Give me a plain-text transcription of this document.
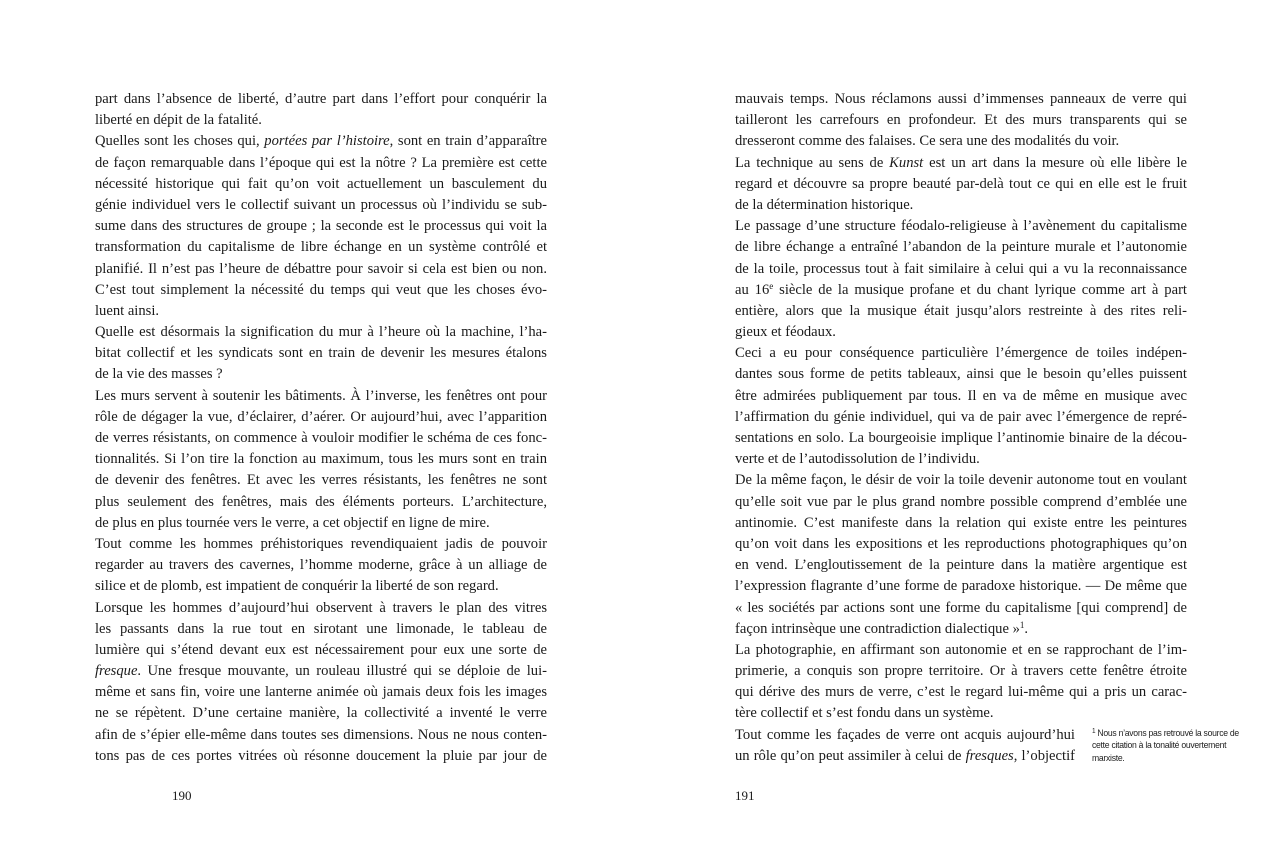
part dans l’absence de liberté, d’autre part dans l’effort pour conquérir la
liberté en dépit de la fatalité.
Quelles sont les choses qui, portées par l’histoire, sont en train d’apparaître
de façon remarquable dans l’époque qui est la nôtre ? La première est cette
nécessité historique qui fait qu’on voit actuellement un basculement du
génie individuel vers le collectif suivant un processus où l’individu se sub-
sume dans des structures de groupe ; la seconde est le processus qui voit la
transformation du capitalisme de libre échange en un système contrôlé et
planifié. Il n’est pas l’heure de débattre pour savoir si cela est bien ou non.
C’est tout simplement la nécessité du temps qui veut que les choses évo-
luent ainsi.
Quelle est désormais la signification du mur à l’heure où la machine, l’ha-
bitat collectif et les syndicats sont en train de devenir les mesures étalons
de la vie des masses ?
Les murs servent à soutenir les bâtiments. À l’inverse, les fenêtres ont pour
rôle de dégager la vue, d’éclairer, d’aérer. Or aujourd’hui, avec l’apparition
de verres résistants, on commence à vouloir modifier le schéma de ces fonc-
tionnalités. Si l’on tire la fonction au maximum, tous les murs sont en train
de devenir des fenêtres. Et avec les verres résistants, les fenêtres ne sont
plus seulement des fenêtres, mais des éléments porteurs. L’architecture,
de plus en plus tournée vers le verre, a cet objectif en ligne de mire.
Tout comme les hommes préhistoriques revendiquaient jadis de pouvoir
regarder au travers des cavernes, l’homme moderne, grâce à un alliage de
silice et de plomb, est impatient de conquérir la liberté de son regard.
Lorsque les hommes d’aujourd’hui observent à travers le plan des vitres
les passants dans la rue tout en sirotant une limonade, le tableau de
lumière qui s’étend devant eux est nécessairement pour eux une sorte de
fresque. Une fresque mouvante, un rouleau illustré qui se déploie de lui-
même et sans fin, voire une lanterne animée où jamais deux fois les images
ne se répètent. D’une certaine manière, la collectivité a inventé le verre
afin de s’épier elle-même dans toutes ses dimensions. Nous ne nous conten-
tons pas de ces portes vitrées où résonne doucement la pluie par jour de
190
mauvais temps. Nous réclamons aussi d’immenses panneaux de verre qui
tailleront les carrefours en profondeur. Et des murs transparents qui se
dresseront comme des falaises. Ce sera une des modalités du voir.
La technique au sens de Kunst est un art dans la mesure où elle libère le
regard et découvre sa propre beauté par-delà tout ce qui en elle est le fruit
de la détermination historique.
Le passage d’une structure féodalo-religieuse à l’avènement du capitalisme
de libre échange a entraîné l’abandon de la peinture murale et l’autonomie
de la toile, processus tout à fait similaire à celui qui a vu la reconnaissance
au 16e siècle de la musique profane et du chant lyrique comme art à part
entière, alors que la musique était jusqu’alors restreinte à des rites reli-
gieux et féodaux.
Ceci a eu pour conséquence particulière l’émergence de toiles indépen-
dantes sous forme de petits tableaux, ainsi que le besoin qu’elles puissent
être admirées publiquement par tous. Il en va de même en musique avec
l’affirmation du génie individuel, qui va de pair avec l’émergence de repré-
sentations en solo. La bourgeoisie implique l’antinomie binaire de la décou-
verte et de l’autodissolution de l’individu.
De la même façon, le désir de voir la toile devenir autonome tout en voulant
qu’elle soit vue par le plus grand nombre possible comprend d’emblée une
antinomie. C’est manifeste dans la relation qui existe entre les peintures
qu’on voit dans les expositions et les reproductions photographiques qu’on
en vend. L’engloutissement de la peinture dans la matière argentique est
l’expression flagrante d’une forme de paradoxe historique. — De même que
« les sociétés par actions sont une forme du capitalisme [qui comprend] de
façon intrinsèque une contradiction dialectique »$^1$.
La photographie, en affirmant son autonomie et en se rapprochant de l’im-
primerie, a conquis son propre territoire. Or à travers cette fenêtre étroite
qui dérive des murs de verre, c’est le regard lui-même qui a pris un carac-
tère collectif et s’est fondu dans un système.
Tout comme les façades de verre ont acquis aujourd’hui
un rôle qu’on peut assimiler à celui de fresques, l’objectif
191
$^1$ Nous n’avons pas retrouvé la source de cette citation à la tonalité ouvertement marxiste.
